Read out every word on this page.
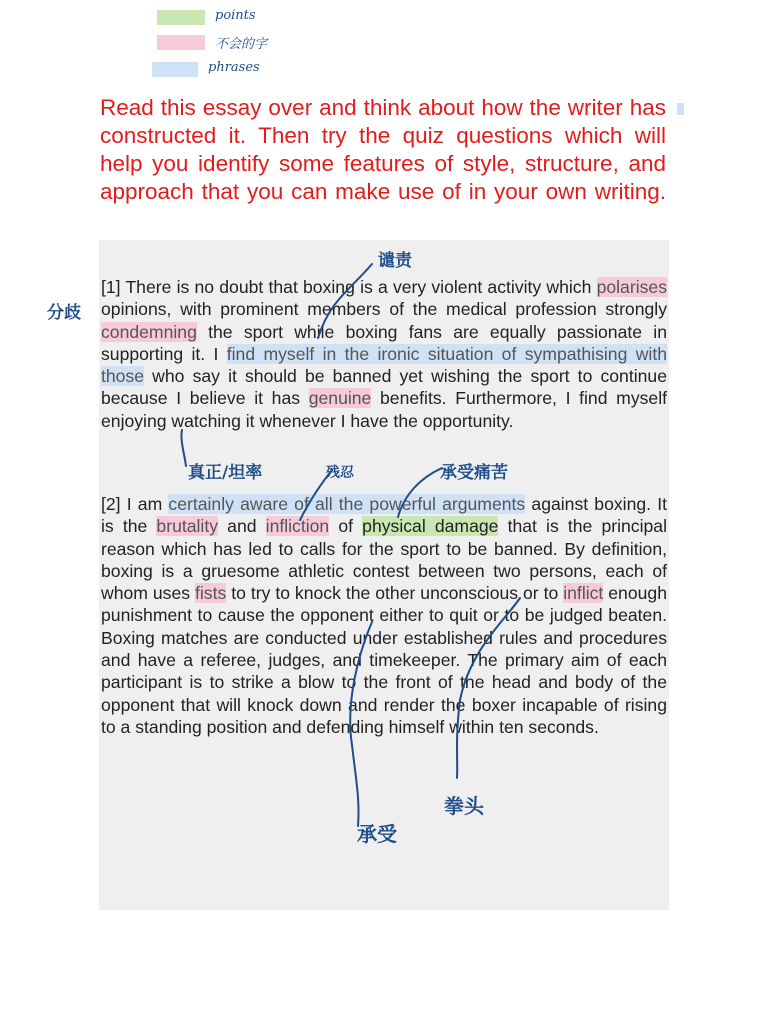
points
不会的字
phrases
Read this essay over and think about how the writer has constructed it. Then try the quiz questions which will help you identify some features of style, structure, and approach that you can make use of in your own writing.
[1] There is no doubt that boxing is a very violent activity which polarises opinions, with prominent members of the medical profession strongly condemning the sport while boxing fans are equally passionate in supporting it. I find myself in the ironic situation of sympathising with those who say it should be banned yet wishing the sport to continue because I believe it has genuine benefits. Furthermore, I find myself enjoying watching it whenever I have the opportunity.
[2] I am certainly aware of all the powerful arguments against boxing. It is the brutality and infliction of physical damage that is the principal reason which has led to calls for the sport to be banned. By definition, boxing is a gruesome athletic contest between two persons, each of whom uses fists to try to knock the other unconscious or to inflict enough punishment to cause the opponent either to quit or to be judged beaten. Boxing matches are conducted under established rules and procedures and have a referee, judges, and timekeeper. The primary aim of each participant is to strike a blow to the front of the head and body of the opponent that will knock down and render the boxer incapable of rising to a standing position and defending himself within ten seconds.
分歧
谴责
真正/坦率	残忍	承受痛苦
承受
拳头
